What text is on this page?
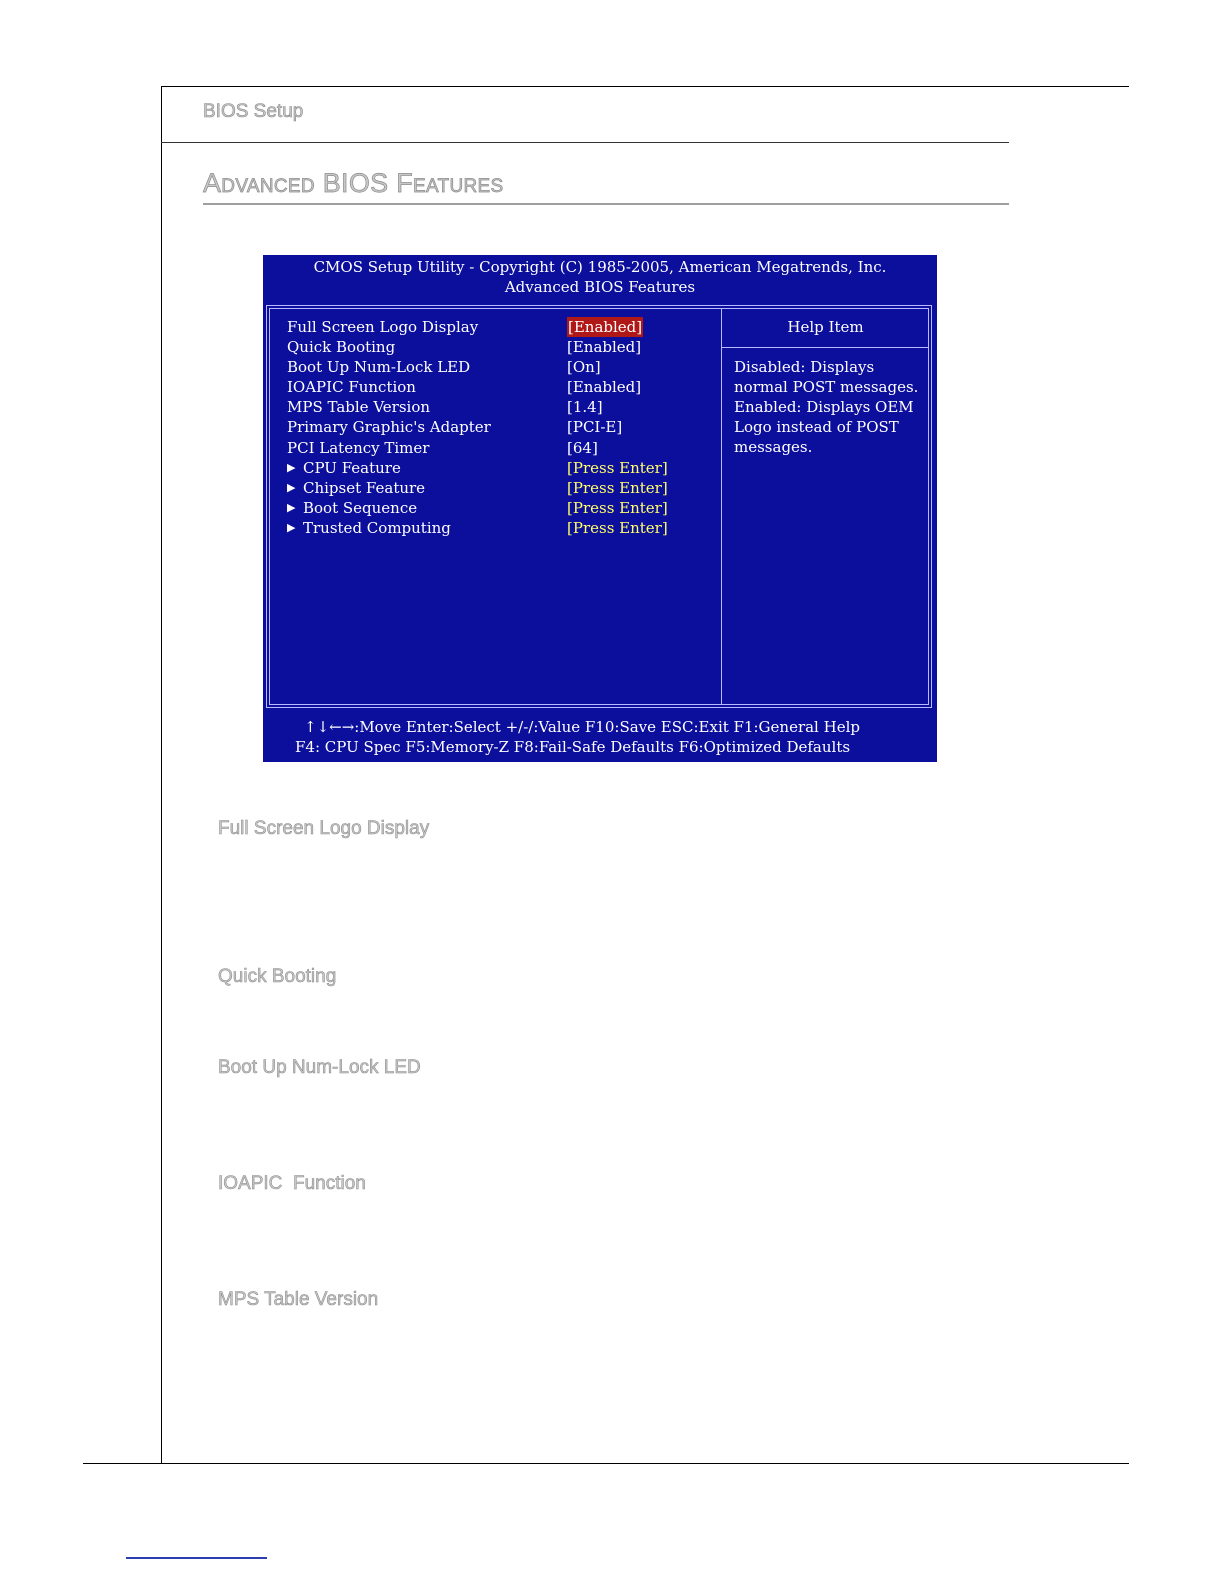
BIOS Setup
Advanced BIOS Features
CMOS Setup Utility - Copyright (C) 1985-2005, American Megatrends, Inc.
Advanced BIOS Features
Full Screen Logo Display	[Enabled]
Quick Booting	[Enabled]
Boot Up Num-Lock LED	[On]
IOAPIC Function	[Enabled]
MPS Table Version	[1.4]
Primary Graphic's Adapter	[PCI-E]
PCI Latency Timer	[64]
▶ CPU Feature	[Press Enter]
▶ Chipset Feature	[Press Enter]
▶ Boot Sequence	[Press Enter]
▶ Trusted Computing	[Press Enter]
Help Item
Disabled: Displays
normal POST messages.
Enabled: Displays OEM
Logo instead of POST
messages.
↑↓←→:Move Enter:Select +/-/:Value F10:Save ESC:Exit F1:General Help
F4: CPU Spec F5:Memory-Z F8:Fail-Safe Defaults F6:Optimized Defaults
Full Screen Logo Display
Quick Booting
Boot Up Num-Lock LED
IOAPIC  Function
MPS Table Version
